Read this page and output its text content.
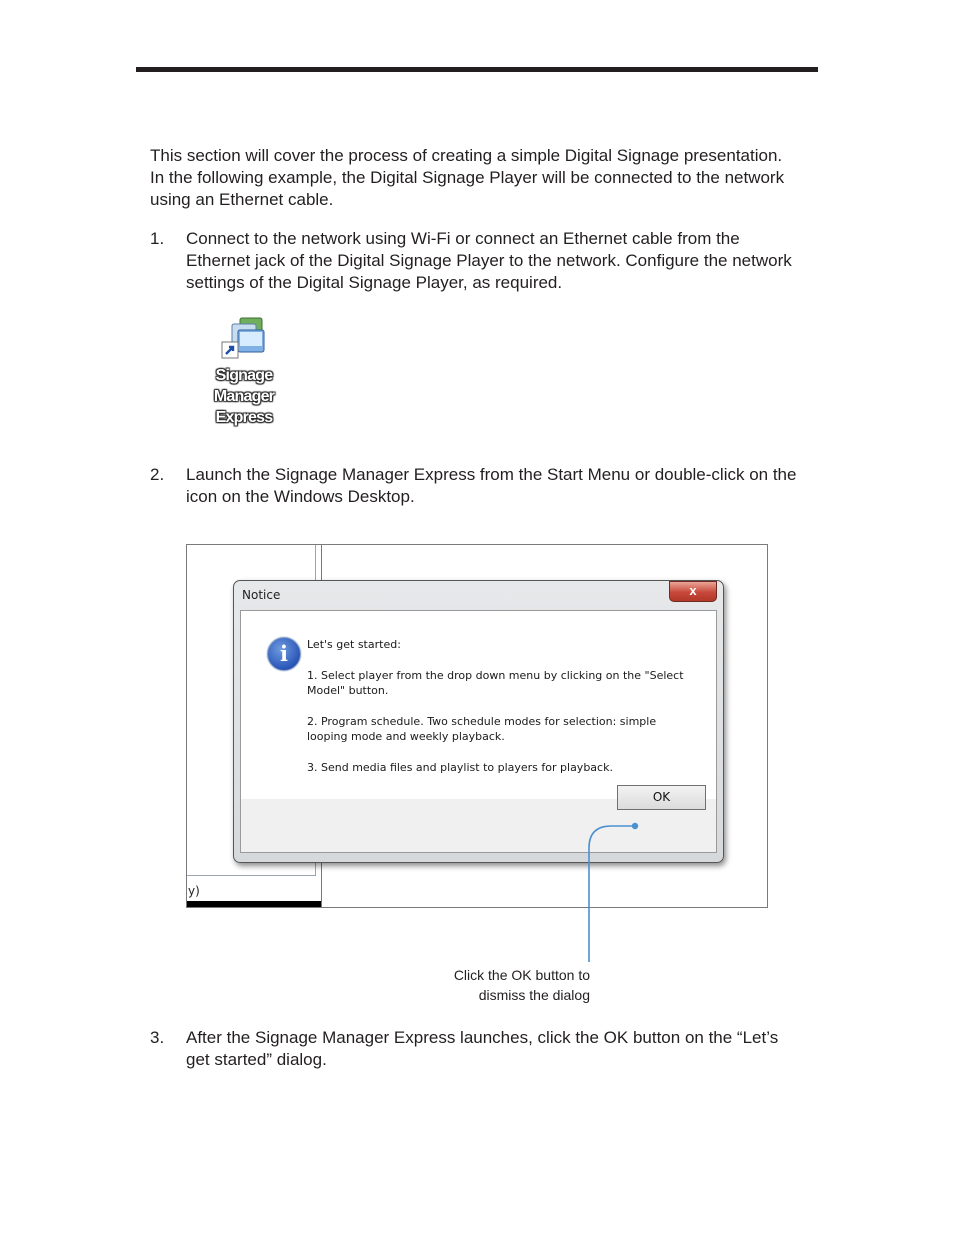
This section will cover the process of creating a simple Digital Signage presentation. In the following example, the Digital Signage Player will be connected to the network using an Ethernet cable.
1. Connect to the network using Wi-Fi or connect an Ethernet cable from the Ethernet jack of the Digital Signage Player to the network. Configure the network settings of the Digital Signage Player, as required.
Signage
Manager
Express
2. Launch the Signage Manager Express from the Start Menu or double-click on the icon on the Windows Desktop.
y)
Notice	x
i	Let's get started:
1. Select player from the drop down menu by clicking on the "Select Model" button.
2. Program schedule. Two schedule modes for selection: simple looping mode and weekly playback.
3. Send media files and playlist to players for playback.
OK
Click the OK button to
dismiss the dialog
3. After the Signage Manager Express launches, click the OK button on the “Let’s get started” dialog.
